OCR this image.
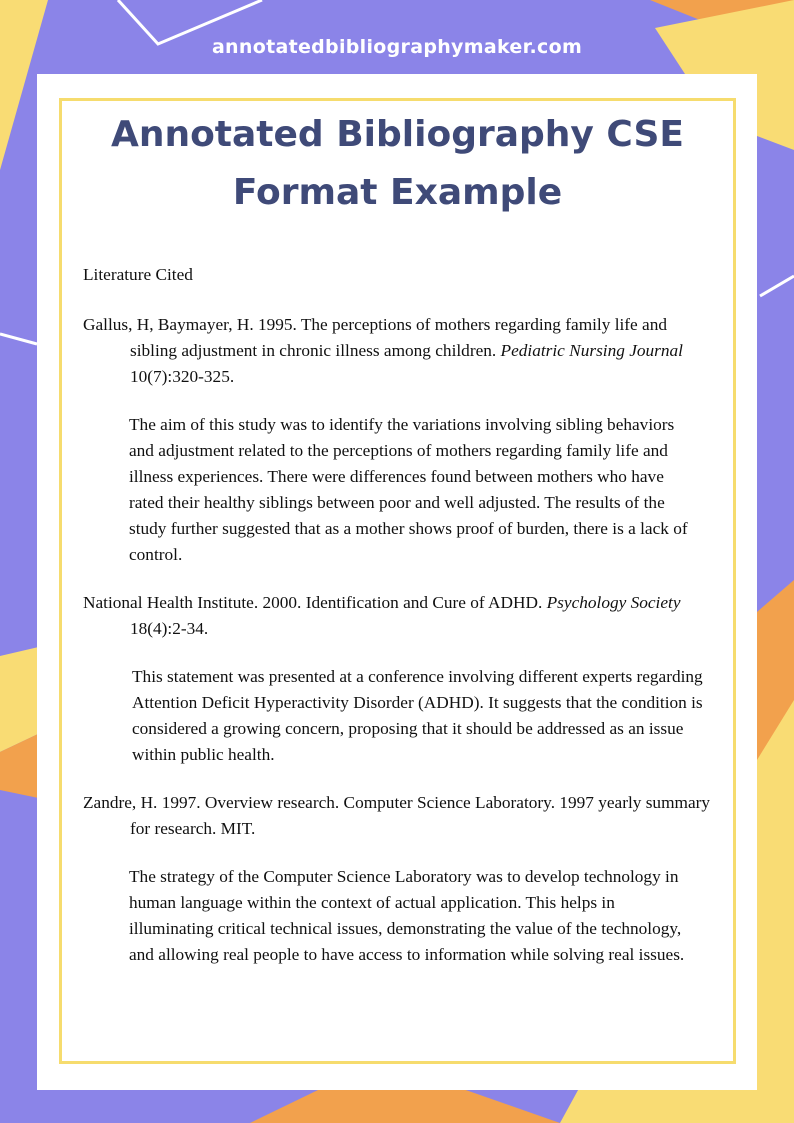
annotatedbibliographymaker.com
Annotated Bibliography CSE Format Example

Literature Cited

Gallus, H, Baymayer, H. 1995. The perceptions of mothers regarding family life and sibling adjustment in chronic illness among children. Pediatric Nursing Journal 10(7):320-325.

The aim of this study was to identify the variations involving sibling behaviors and adjustment related to the perceptions of mothers regarding family life and illness experiences. There were differences found between mothers who have rated their healthy siblings between poor and well adjusted. The results of the study further suggested that as a mother shows proof of burden, there is a lack of control.

National Health Institute. 2000. Identification and Cure of ADHD. Psychology Society 18(4):2-34.

This statement was presented at a conference involving different experts regarding Attention Deficit Hyperactivity Disorder (ADHD). It suggests that the condition is considered a growing concern, proposing that it should be addressed as an issue within public health.

Zandre, H. 1997. Overview research. Computer Science Laboratory. 1997 yearly summary for research. MIT.

The strategy of the Computer Science Laboratory was to develop technology in human language within the context of actual application. This helps in illuminating critical technical issues, demonstrating the value of the technology, and allowing real people to have access to information while solving real issues.
